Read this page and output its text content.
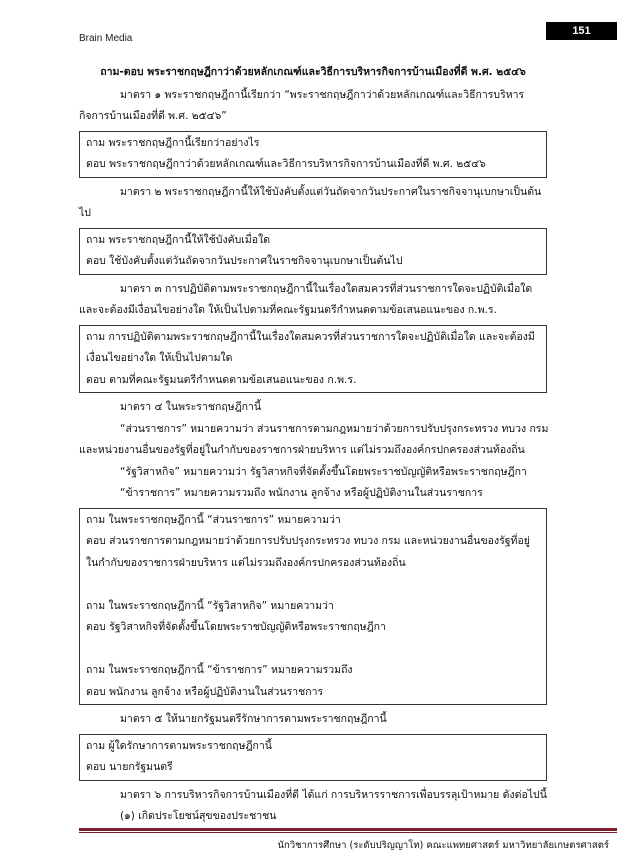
Brain Media
151

ถาม-ตอบ พระราชกฤษฎีกาว่าด้วยหลักเกณฑ์และวิธีการบริหารกิจการบ้านเมืองที่ดี พ.ศ. ๒๕๔๖

มาตรา ๑ พระราชกฤษฎีกานี้เรียกว่า “พระราชกฤษฎีกาว่าด้วยหลักเกณฑ์และวิธีการบริหาร

กิจการบ้านเมืองที่ดี พ.ศ. ๒๕๔๖”

ถาม พระราชกฤษฎีกานี้เรียกว่าอย่างไร

ตอบ พระราชกฤษฎีกาว่าด้วยหลักเกณฑ์และวิธีการบริหารกิจการบ้านเมืองที่ดี พ.ศ. ๒๕๔๖

มาตรา ๒ พระราชกฤษฎีกานี้ให้ใช้บังคับตั้งแต่วันถัดจากวันประกาศในราชกิจจานุเบกษาเป็นต้น

ไป

ถาม พระราชกฤษฎีกานี้ให้ใช้บังคับเมื่อใด

ตอบ ใช้บังคับตั้งแต่วันถัดจากวันประกาศในราชกิจจานุเบกษาเป็นต้นไป

มาตรา ๓ การปฏิบัติตามพระราชกฤษฎีกานี้ในเรื่องใดสมควรที่ส่วนราชการใดจะปฏิบัติเมื่อใด

และจะต้องมีเงื่อนไขอย่างใด ให้เป็นไปตามที่คณะรัฐมนตรีกำหนดตามข้อเสนอแนะของ ก.พ.ร.

ถาม การปฏิบัติตามพระราชกฤษฎีกานี้ในเรื่องใดสมควรที่ส่วนราชการใดจะปฏิบัติเมื่อใด และจะต้องมี

เงื่อนไขอย่างใด ให้เป็นไปตามใด

ตอบ ตามที่คณะรัฐมนตรีกำหนดตามข้อเสนอแนะของ ก.พ.ร.

มาตรา ๔ ในพระราชกฤษฎีกานี้

“ส่วนราชการ” หมายความว่า ส่วนราชการตามกฎหมายว่าด้วยการปรับปรุงกระทรวง ทบวง กรม

และหน่วยงานอื่นของรัฐที่อยู่ในกำกับของราชการฝ่ายบริหาร แต่ไม่รวมถึงองค์กรปกครองส่วนท้องถิ่น

“รัฐวิสาหกิจ” หมายความว่า รัฐวิสาหกิจที่จัดตั้งขึ้นโดยพระราชบัญญัติหรือพระราชกฤษฎีกา

“ข้าราชการ” หมายความรวมถึง พนักงาน ลูกจ้าง หรือผู้ปฏิบัติงานในส่วนราชการ

ถาม ในพระราชกฤษฎีกานี้ “ส่วนราชการ” หมายความว่า

ตอบ ส่วนราชการตามกฎหมายว่าด้วยการปรับปรุงกระทรวง ทบวง กรม และหน่วยงานอื่นของรัฐที่อยู่

ในกำกับของราชการฝ่ายบริหาร แต่ไม่รวมถึงองค์กรปกครองส่วนท้องถิ่น

ถาม ในพระราชกฤษฎีกานี้ “รัฐวิสาหกิจ” หมายความว่า

ตอบ รัฐวิสาหกิจที่จัดตั้งขึ้นโดยพระราชบัญญัติหรือพระราชกฤษฎีกา

ถาม ในพระราชกฤษฎีกานี้ “ข้าราชการ” หมายความรวมถึง

ตอบ พนักงาน ลูกจ้าง หรือผู้ปฏิบัติงานในส่วนราชการ

มาตรา ๕ ให้นายกรัฐมนตรีรักษาการตามพระราชกฤษฎีกานี้

ถาม ผู้ใดรักษาการตามพระราชกฤษฎีกานี้

ตอบ นายกรัฐมนตรี

มาตรา ๖ การบริหารกิจการบ้านเมืองที่ดี ได้แก่ การบริหารราชการเพื่อบรรลุเป้าหมาย ดังต่อไปนี้

(๑) เกิดประโยชน์สุขของประชาชน

นักวิชาการศึกษา (ระดับปริญญาโท) คณะแพทยศาสตร์ มหาวิทยาลัยเกษตรศาสตร์
